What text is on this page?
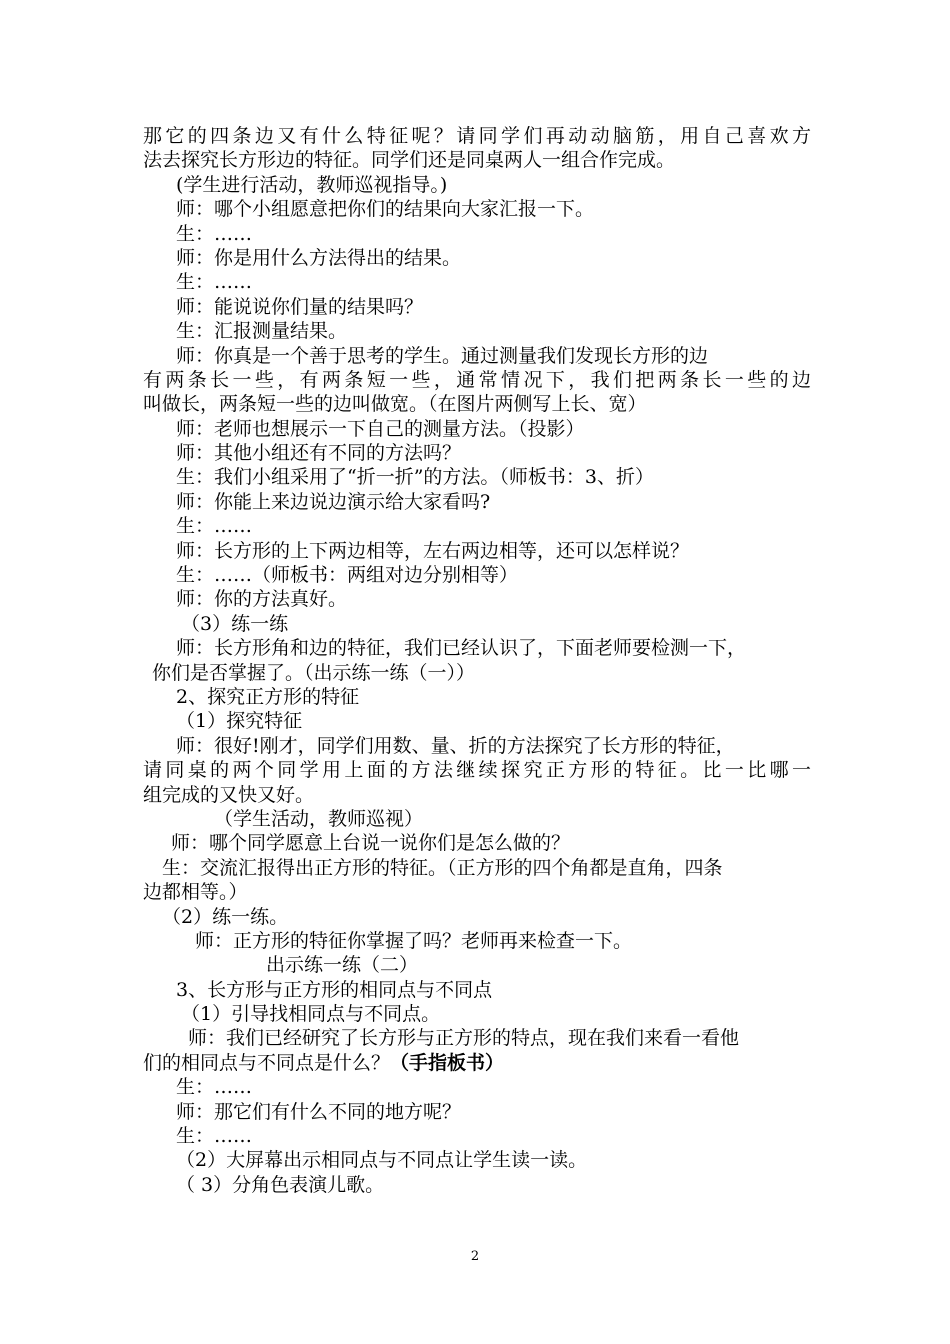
那它的四条边又有什么特征呢？请同学们再动动脑筋，用自己喜欢方
法去探究长方形边的特征。同学们还是同桌两人一组合作完成。
(学生进行活动，教师巡视指导。)
师：哪个小组愿意把你们的结果向大家汇报一下。
生：……
师：你是用什么方法得出的结果。
生：……
师：能说说你们量的结果吗？
生：汇报测量结果。
师：你真是一个善于思考的学生。通过测量我们发现长方形的边
有两条长一些，有两条短一些，通常情况下，我们把两条长一些的边
叫做长，两条短一些的边叫做宽。（在图片两侧写上长、宽）
师：老师也想展示一下自己的测量方法。（投影）
师：其他小组还有不同的方法吗？
生：我们小组采用了“折一折”的方法。（师板书：3、折）
师：你能上来边说边演示给大家看吗?
生：……
师：长方形的上下两边相等，左右两边相等，还可以怎样说？
生：……（师板书：两组对边分别相等）
师：你的方法真好。
（3）练一练
师：长方形角和边的特征，我们已经认识了，下面老师要检测一下，
你们是否掌握了。（出示练一练（一））
2、探究正方形的特征
（1）探究特征
师：很好!刚才，同学们用数、量、折的方法探究了长方形的特征，
请同桌的两个同学用上面的方法继续探究正方形的特征。比一比哪一
组完成的又快又好。
（学生活动，教师巡视）
师：哪个同学愿意上台说一说你们是怎么做的？
生：交流汇报得出正方形的特征。（正方形的四个角都是直角，四条
边都相等。）
（2）练一练。
师：正方形的特征你掌握了吗？老师再来检查一下。
出示练一练（二）
3、长方形与正方形的相同点与不同点
（1）引导找相同点与不同点。
师：我们已经研究了长方形与正方形的特点，现在我们来看一看他
们的相同点与不同点是什么？（手指板书）
生：……
师：那它们有什么不同的地方呢？
生：……
（2）大屏幕出示相同点与不同点让学生读一读。
（ 3）分角色表演儿歌。
2
